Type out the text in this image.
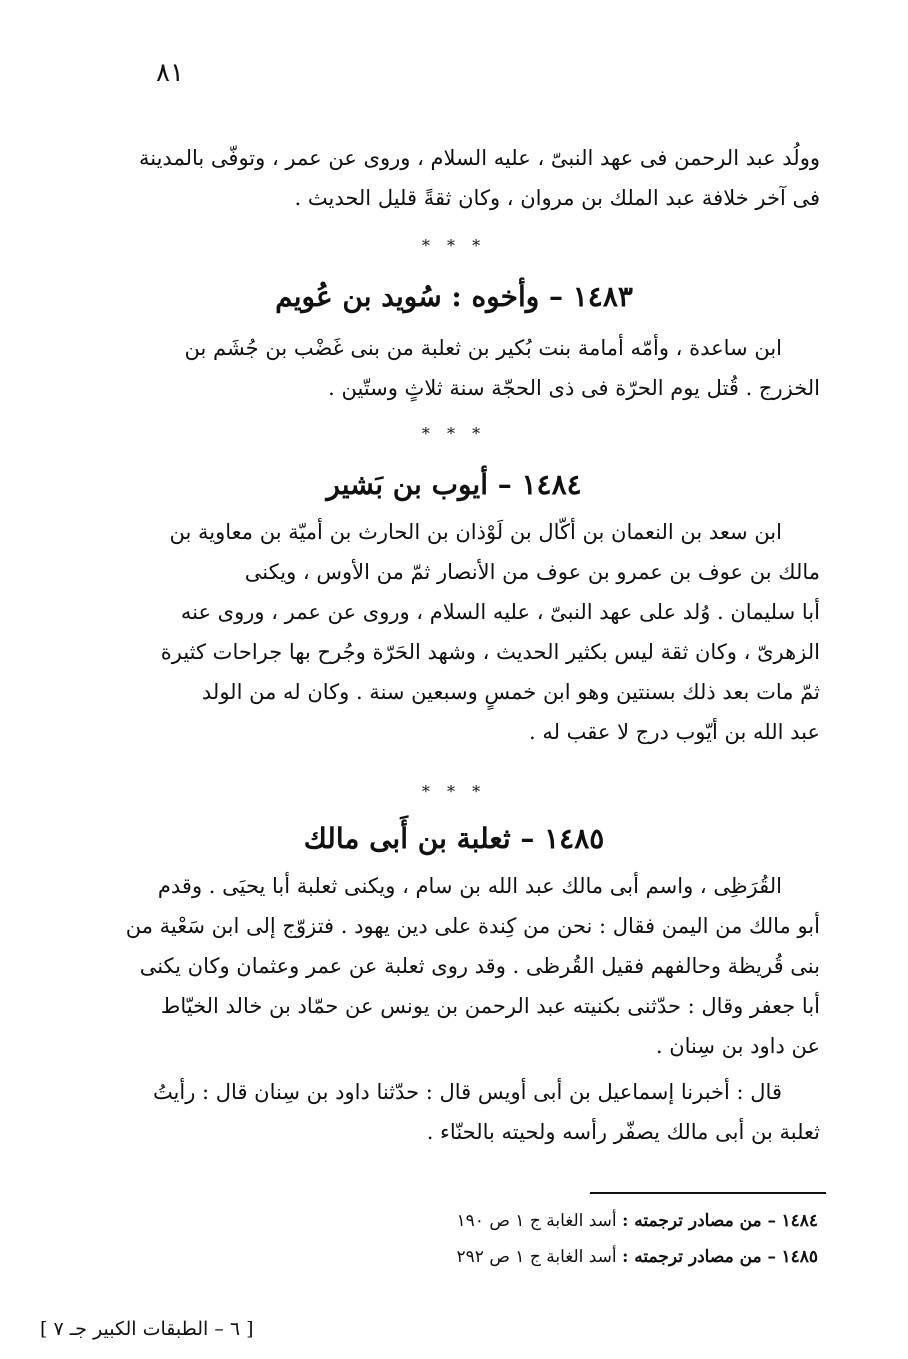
٨١

وولُد عبد الرحمن فى عهد النبىّ ، عليه السلام ، وروى عن عمر ، وتوفّى بالمدينة

فى آخر خلافة عبد الملك بن مروان ، وكان ثقةً قليل الحديث .

* * *
١٤٨٣ – وأخوه : سُويد بن عُويم

ابن ساعدة ، وأمّه أمامة بنت بُكير بن ثعلبة من بنى غَضْب بن جُشَم بن

الخزرج . قُتل يوم الحرّة فى ذى الحجّة سنة ثلاثٍ وستّين .

* * *
١٤٨٤ – أيوب بن بَشير

ابن سعد بن النعمان بن أكّال بن لَوْذان بن الحارث بن أميّة بن معاوية بن

مالك بن عوف بن عمرو بن عوف من الأنصار ثمّ من الأوس ، ويكنى

أبا سليمان . وُلد على عهد النبىّ ، عليه السلام ، وروى عن عمر ، وروى عنه

الزهرىّ ، وكان ثقة ليس بكثير الحديث ، وشهد الحَرّة وجُرح بها جراحات كثيرة

ثمّ مات بعد ذلك بسنتين وهو ابن خمسٍ وسبعين سنة . وكان له من الولد

عبد الله بن أيّوب درج لا عقب له .

* * *
١٤٨٥ – ثعلبة بن أَبى مالك

القُرَظِى ، واسم أبى مالك عبد الله بن سام ، ويكنى ثعلبة أبا يحيَى . وقدم

أبو مالك من اليمن فقال : نحن من كِندة على دين يهود . فتزوّج إلى ابن سَعْية من

بنى قُريظة وحالفهم فقيل القُرظى . وقد روى ثعلبة عن عمر وعثمان وكان يكنى

أبا جعفر وقال : حدّثنى بكنيته عبد الرحمن بن يونس عن حمّاد بن خالد الخيّاط

عن داود بن سِنان .

قال : أخبرنا إسماعيل بن أبى أويس قال : حدّثنا داود بن سِنان قال : رأيتُ

ثعلبة بن أبى مالك يصفّر رأسه ولحيته بالحنّاء .

١٤٨٤ – من مصادر ترجمته : أسد الغابة ج ١ ص ١٩٠
١٤٨٥ – من مصادر ترجمته : أسد الغابة ج ١ ص ٢٩٢
[ ٦ – الطبقات الكبير جـ ٧ ]
